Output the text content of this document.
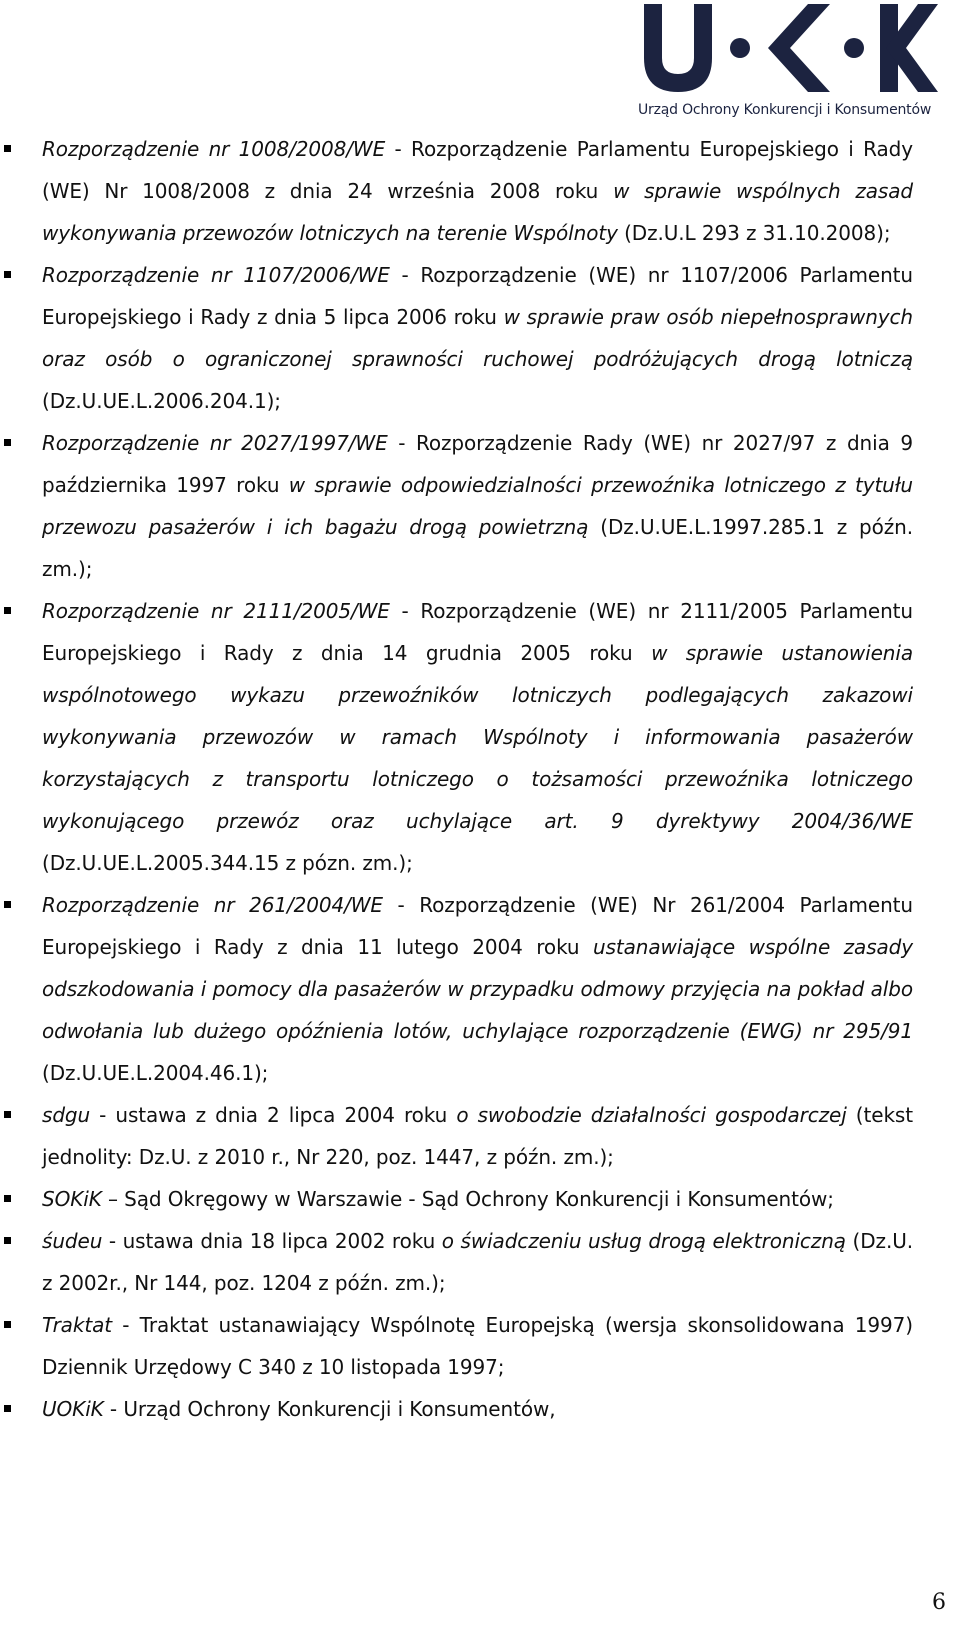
Urząd Ochrony Konkurencji i Konsumentów
Rozporządzenie nr 1008/2008/WE - Rozporządzenie Parlamentu Europejskiego i Rady (WE) Nr 1008/2008 z dnia 24 września 2008 roku w sprawie wspólnych zasad wykonywania przewozów lotniczych na terenie Wspólnoty (Dz.U.L 293 z 31.10.2008);
Rozporządzenie nr 1107/2006/WE - Rozporządzenie (WE) nr 1107/2006 Parlamentu Europejskiego i Rady z dnia 5 lipca 2006 roku w sprawie praw osób niepełnosprawnych oraz osób o ograniczonej sprawności ruchowej podróżujących drogą lotniczą (Dz.U.UE.L.2006.204.1);
Rozporządzenie nr 2027/1997/WE - Rozporządzenie Rady (WE) nr 2027/97 z dnia 9 października 1997 roku w sprawie odpowiedzialności przewoźnika lotniczego z tytułu przewozu pasażerów i ich bagażu drogą powietrzną (Dz.U.UE.L.1997.285.1 z późn. zm.);
Rozporządzenie nr 2111/2005/WE - Rozporządzenie (WE) nr 2111/2005 Parlamentu Europejskiego i Rady z dnia 14 grudnia 2005 roku w sprawie ustanowienia wspólnotowego wykazu przewoźników lotniczych podlegających zakazowi wykonywania przewozów w ramach Wspólnoty i informowania pasażerów korzystających z transportu lotniczego o tożsamości przewoźnika lotniczego wykonującego przewóz oraz uchylające art. 9 dyrektywy 2004/36/WE (Dz.U.UE.L.2005.344.15 z pózn. zm.);
Rozporządzenie nr 261/2004/WE - Rozporządzenie (WE) Nr 261/2004 Parlamentu Europejskiego i Rady z dnia 11 lutego 2004 roku ustanawiające wspólne zasady odszkodowania i pomocy dla pasażerów w przypadku odmowy przyjęcia na pokład albo odwołania lub dużego opóźnienia lotów, uchylające rozporządzenie (EWG) nr 295/91 (Dz.U.UE.L.2004.46.1);
sdgu - ustawa z dnia 2 lipca 2004 roku o swobodzie działalności gospodarczej (tekst jednolity: Dz.U. z 2010 r., Nr 220, poz. 1447, z późn. zm.);
SOKiK – Sąd Okręgowy w Warszawie - Sąd Ochrony Konkurencji i Konsumentów;
śudeu - ustawa dnia 18 lipca 2002 roku o świadczeniu usług drogą elektroniczną (Dz.U. z 2002r., Nr 144, poz. 1204 z późn. zm.);
Traktat - Traktat ustanawiający Wspólnotę Europejską (wersja skonsolidowana 1997) Dziennik Urzędowy C 340 z 10 listopada 1997;
UOKiK - Urząd Ochrony Konkurencji i Konsumentów,
6
